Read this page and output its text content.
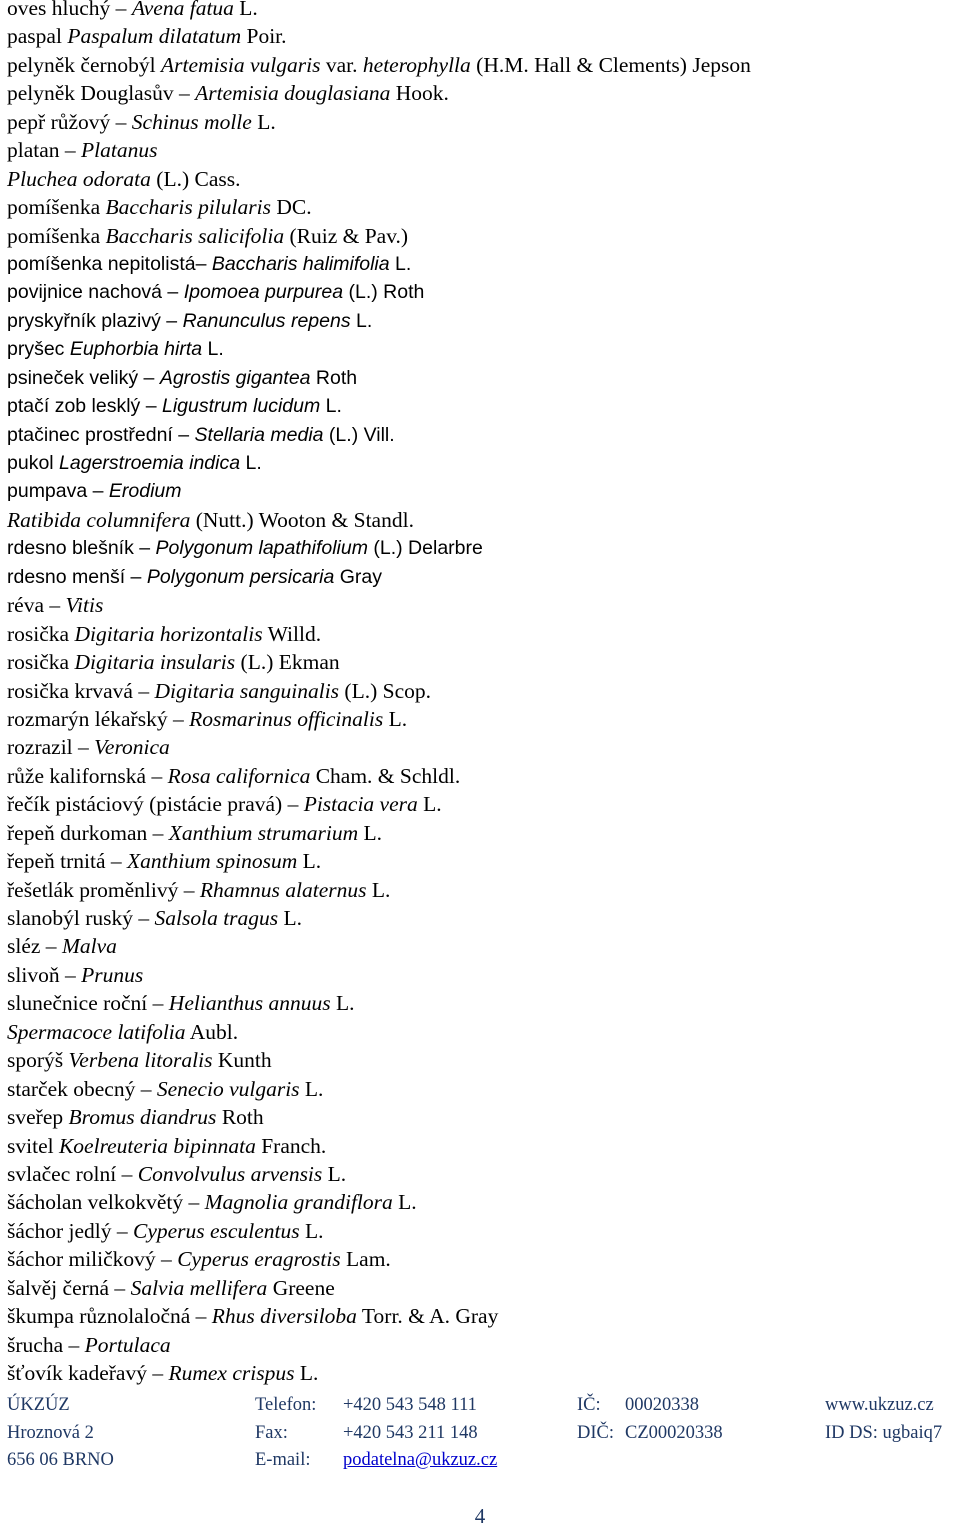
oves hluchý – Avena fatua L.
paspal Paspalum dilatatum Poir.
pelyněk černobýl Artemisia vulgaris var. heterophylla (H.M. Hall & Clements) Jepson
pelyněk Douglasův – Artemisia douglasiana Hook.
pepř růžový – Schinus molle L.
platan – Platanus
Pluchea odorata (L.) Cass.
pomíšenka Baccharis pilularis DC.
pomíšenka Baccharis salicifolia (Ruiz & Pav.)
pomíšenka nepitolistá– Baccharis halimifolia L.
povijnice nachová – Ipomoea purpurea (L.) Roth
pryskyřník plazivý – Ranunculus repens L.
pryšec Euphorbia hirta L.
psineček veliký – Agrostis gigantea Roth
ptačí zob lesklý – Ligustrum lucidum L.
ptačinec prostřední – Stellaria media (L.) Vill.
pukol Lagerstroemia indica L.
pumpava – Erodium
Ratibida columnifera (Nutt.) Wooton & Standl.
rdesno blešník – Polygonum lapathifolium (L.) Delarbre
rdesno menší – Polygonum persicaria Gray
réva – Vitis
rosička Digitaria horizontalis Willd.
rosička Digitaria insularis (L.) Ekman
rosička krvavá – Digitaria sanguinalis (L.) Scop.
rozmarýn lékařský – Rosmarinus officinalis L.
rozrazil – Veronica
růže kalifornská – Rosa californica Cham. & Schldl.
řečík pistáciový (pistácie pravá) – Pistacia vera L.
řepeň durkoman – Xanthium strumarium L.
řepeň trnitá – Xanthium spinosum L.
řešetlák proměnlivý – Rhamnus alaternus L.
slanobýl ruský – Salsola tragus L.
sléz – Malva
slivoň – Prunus
slunečnice roční – Helianthus annuus L.
Spermacoce latifolia Aubl.
sporýš Verbena litoralis Kunth
starček obecný – Senecio vulgaris L.
sveřep Bromus diandrus Roth
svitel Koelreuteria bipinnata Franch.
svlačec rolní – Convolvulus arvensis L.
šácholan velkokvětý – Magnolia grandiflora L.
šáchor jedlý – Cyperus esculentus L.
šáchor miličkový – Cyperus eragrostis Lam.
šalvěj černá – Salvia mellifera Greene
škumpa různolaločná – Rhus diversiloba Torr. & A. Gray
šrucha – Portulaca
šťovík kadeřavý – Rumex crispus L.
ÚKZÚZ	Telefon: +420 543 548 111	IČ: 00020338	www.ukzuz.cz
Hroznová 2	Fax:	+420 543 211 148	DIČ: CZ00020338	ID DS: ugbaiq7
656 06 BRNO	E-mail: podatelna@ukzuz.cz
4
